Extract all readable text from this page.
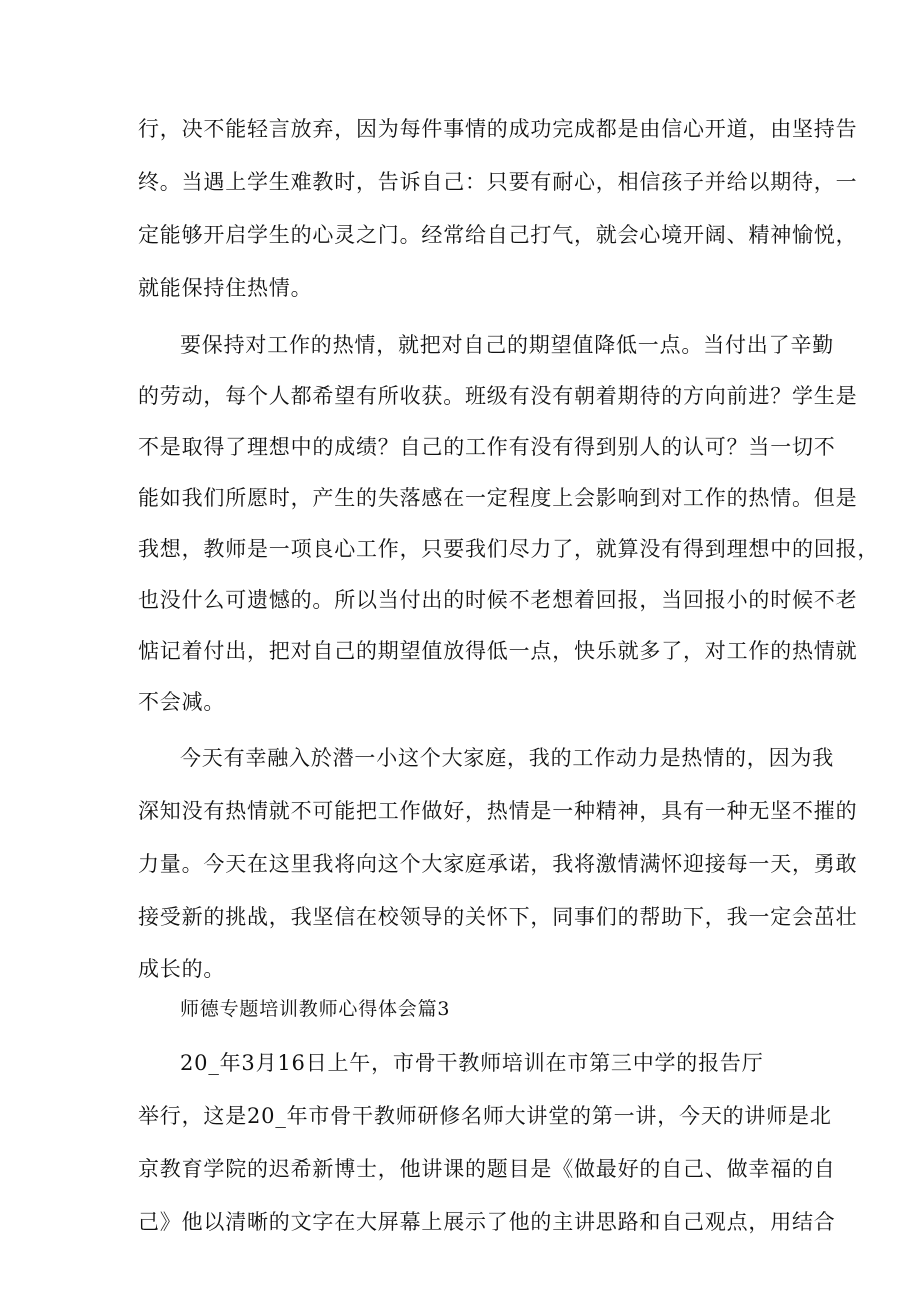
行，决不能轻言放弃，因为每件事情的成功完成都是由信心开道，由坚持告
终。当遇上学生难教时，告诉自己：只要有耐心，相信孩子并给以期待，一
定能够开启学生的心灵之门。经常给自己打气，就会心境开阔、精神愉悦，
就能保持住热情。
要保持对工作的热情，就把对自己的期望值降低一点。当付出了辛勤
的劳动，每个人都希望有所收获。班级有没有朝着期待的方向前进？学生是
不是取得了理想中的成绩？自己的工作有没有得到别人的认可？当一切不
能如我们所愿时，产生的失落感在一定程度上会影响到对工作的热情。但是
我想，教师是一项良心工作，只要我们尽力了，就算没有得到理想中的回报，
也没什么可遗憾的。所以当付出的时候不老想着回报，当回报小的时候不老
惦记着付出，把对自己的期望值放得低一点，快乐就多了，对工作的热情就
不会减。
今天有幸融入於潜一小这个大家庭，我的工作动力是热情的，因为我
深知没有热情就不可能把工作做好，热情是一种精神，具有一种无坚不摧的
力量。今天在这里我将向这个大家庭承诺，我将激情满怀迎接每一天，勇敢
接受新的挑战，我坚信在校领导的关怀下，同事们的帮助下，我一定会茁壮
成长的。
师德专题培训教师心得体会篇3
20_年3月16日上午，市骨干教师培训在市第三中学的报告厅
举行，这是20_年市骨干教师研修名师大讲堂的第一讲，今天的讲师是北
京教育学院的迟希新博士，他讲课的题目是《做最好的自己、做幸福的自
己》他以清晰的文字在大屏幕上展示了他的主讲思路和自己观点，用结合
